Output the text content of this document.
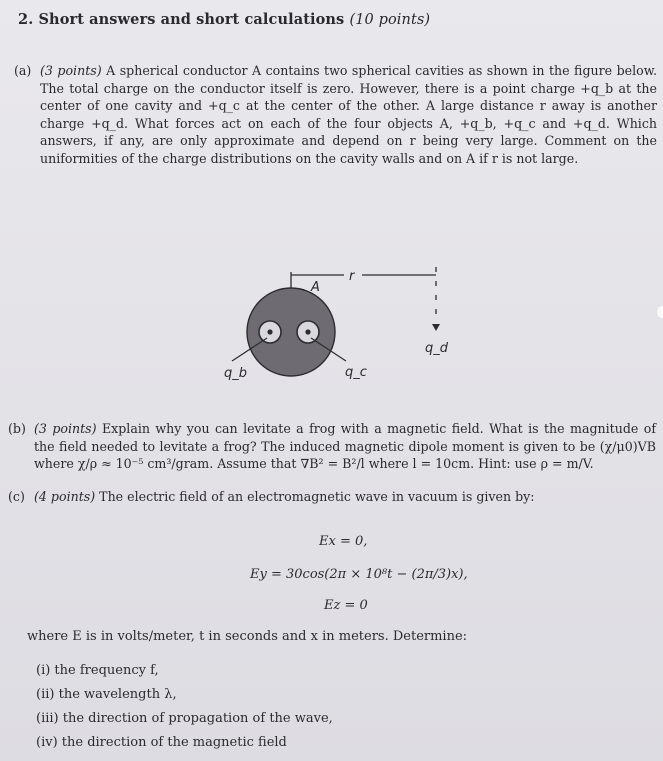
2. Short answers and short calculations (10 points)
(a) (3 points) A spherical conductor A contains two spherical cavities as shown in the figure below. The total charge on the conductor itself is zero. However, there is a point charge +q_b at the center of one cavity and +q_c at the center of the other. A large distance r away is another charge +q_d. What forces act on each of the four objects A, +q_b, +q_c and +q_d. Which answers, if any, are only approximate and depend on r being very large. Comment on the uniformities of the charge distributions on the cavity walls and on A if r is not large.
r
q_d
A
q_b	q_c
(b) (3 points) Explain why you can levitate a frog with a magnetic field. What is the magnitude of the field needed to levitate a frog? The induced magnetic dipole moment is given to be (χ/μ0)VB where χ/ρ ≈ 10⁻⁵ cm³/gram. Assume that ∇B² = B²/l where l = 10cm. Hint: use ρ = m/V.
(c) (4 points) The electric field of an electromagnetic wave in vacuum is given by:
Ex = 0,
Ey = 30cos(2π × 10⁸t − (2π/3)x),
Ez = 0
where E is in volts/meter, t in seconds and x in meters. Determine:
(i) the frequency f,
(ii) the wavelength λ,
(iii) the direction of propagation of the wave,
(iv) the direction of the magnetic field
